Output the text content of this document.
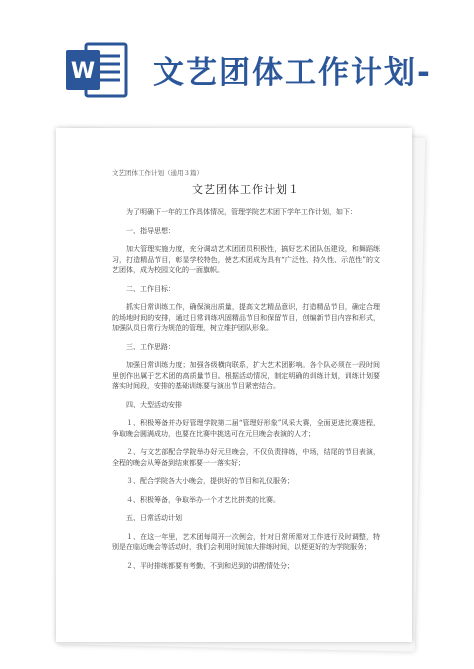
W 文艺团体工作计划-
文艺团体工作计划（通用３篇）
文艺团体工作计划１

为了明确下一年的工作具体情况，管理学院艺术团下学年工作计划，如下：

一、指导思想：

加大管理实施力度，充分调动艺术团团员积极性，搞好艺术团队伍建设，和舞蹈练习，打造精品节目，彰显学校特色，使艺术团成为具有“广泛性、持久性、示范性”的文艺团体，成为校园文化的一面旗帜。

二、工作目标：

抓实日常训练工作，确保演出质量，提高文艺精品意识，打造精品节目，确定合理的场地时间的安排，通过日常训练巩固精品节目和保留节目，创编新节目内容和形式，加强队员日常行为规范的管理，树立维护团队形象。

三、工作思路：

加强日常训练力度；加强各级横向联系，扩大艺术团影响。各个队必须在一段时间里创作出属于艺术团的高质量节目。根据活动情况，制定明确的训练计划，训练计划要落实时间段，安排的基础训练要与演出节目紧密结合。

四、大型活动安排

１、积极筹备并办好管理学院第二届“管理好形象”风采大赛，全面更进比赛进程，争取晚会圆满成功，也要在比赛中挑选可在元旦晚会表演的人才；

２、与文艺部配合学院举办好元旦晚会，不仅负责排练，中场，结尾的节目表演，全程的晚会从筹备到结束都要一一落实好；

３、配合学院各大小晚会，提供好的节目和礼仪服务；

４、积极筹备，争取举办一个才艺比拼类的比赛。

五、日常活动计划

１、在这一年里，艺术团每周开一次例会，针对日常所需对工作进行及时调整，特别是在临近晚会等活动时，我们会利用时间加大排练时间，以便更好的为学院服务；

２、平时排练都要有考勤，不到和迟到的讲酌情处分；
